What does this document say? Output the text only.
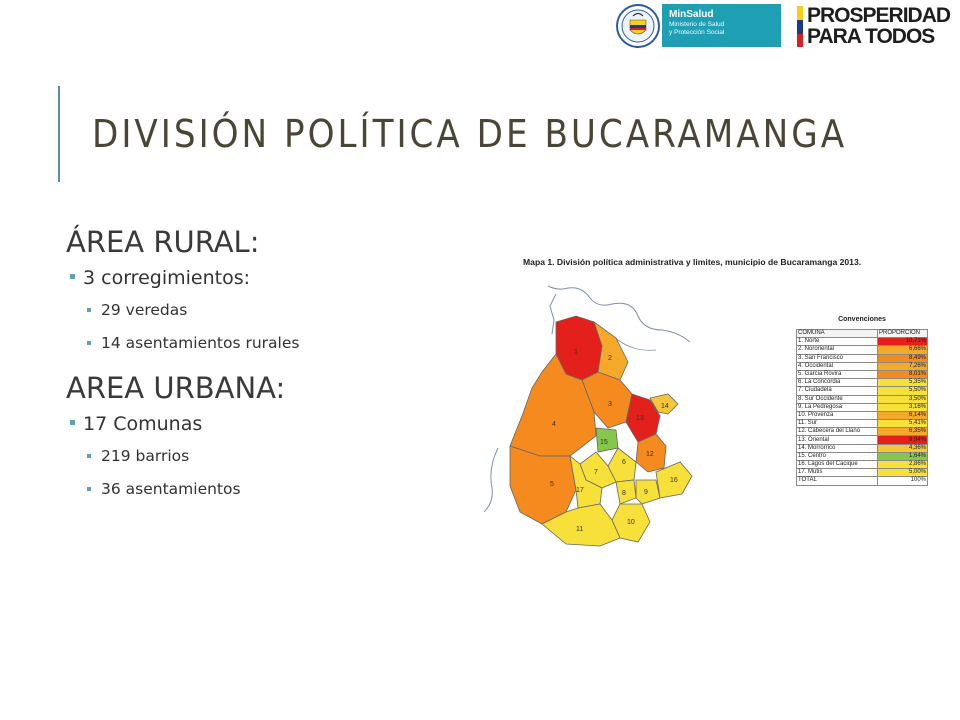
MinSalud
Ministerio de Salud
y Protección Social
PROSPERIDAD
PARA TODOS
DIVISIÓN POLÍTICA DE BUCARAMANGA
ÁREA RURAL:
3 corregimientos:
29 veredas
14 asentamientos rurales
AREA URBANA:
17 Comunas
219 barrios
36 asentamientos
Mapa 1. División política administrativa y limites, municipio de Bucaramanga 2013.
1
2
3
4
5
6
7
8	9
10
11
12
13
14
15
16
17
Convenciones
COMUNA	PROPORCION
1. Norte	10,71%
2. Nororiental	6,66%
3. San Francisco	8,49%
4. Occidental	7,26%
5. Garcia Rovira	8,01%
6. La Concordia	5,35%
7. Ciudadela	5,50%
8. Sur Occidente	3,50%
9. La Pedregosa	3,16%
10. Provenza	6,14%
11. Sur	5,41%
12. Cabecera del Llano	6,35%
13. Oriental	9,94%
14. Morrorrico	4,36%
15. Centro	1,64%
16. Lagos del Cacique	2,86%
17. Mutis	5,00%
TOTAL	100%
